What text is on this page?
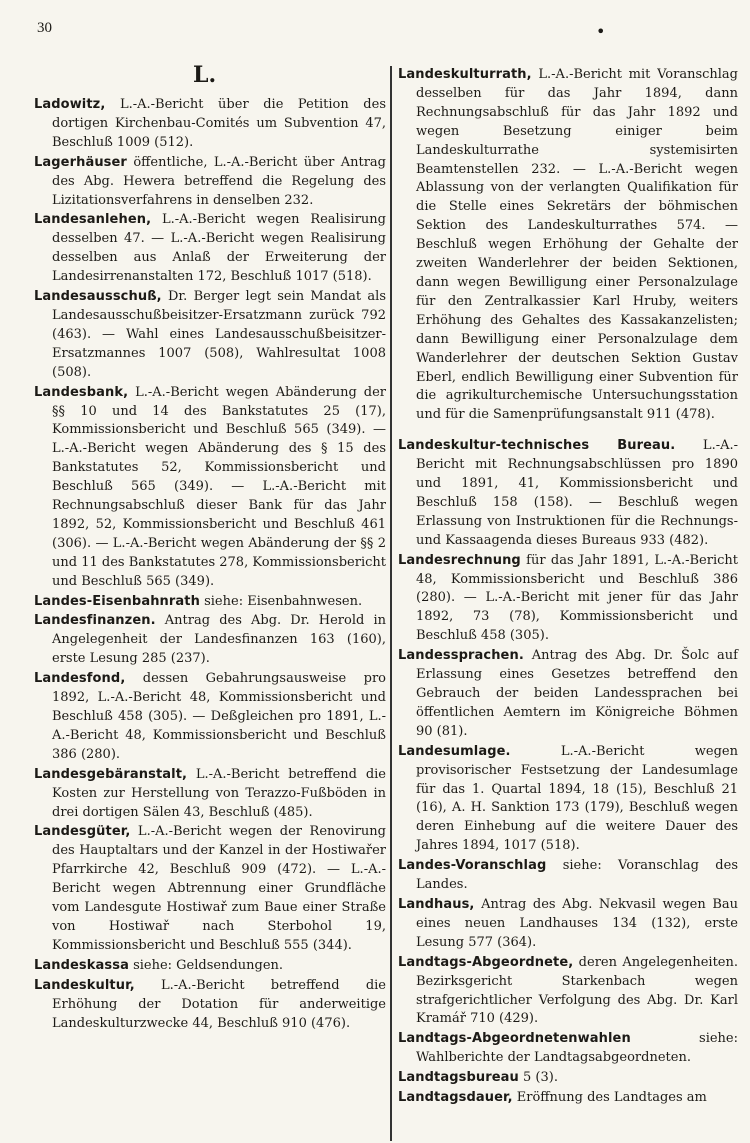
30	•
L.

Ladowitz, L.-A.-Bericht über die Petition des dortigen Kirchenbau-Comités um Subvention 47, Beschluß 1009 (512).

Lagerhäuser öffentliche, L.-A.-Bericht über Antrag des Abg. Hewera betreffend die Regelung des Lizitationsverfahrens in denselben 232.

Landesanlehen, L.-A.-Bericht wegen Realisirung desselben 47. — L.-A.-Bericht wegen Realisirung desselben aus Anlaß der Erweiterung der Landesirrenanstalten 172, Beschluß 1017 (518).

Landesausschuß, Dr. Berger legt sein Mandat als Landesausschußbeisitzer-Ersatzmann zurück 792 (463). — Wahl eines Landesausschußbeisitzer-Ersatzmannes 1007 (508), Wahlresultat 1008 (508).

Landesbank, L.-A.-Bericht wegen Abänderung der §§ 10 und 14 des Bankstatutes 25 (17), Kommissionsbericht und Beschluß 565 (349). — L.-A.-Bericht wegen Abänderung des § 15 des Bankstatutes 52, Kommissionsbericht und Beschluß 565 (349). — L.-A.-Bericht mit Rechnungsabschluß dieser Bank für das Jahr 1892, 52, Kommissionsbericht und Beschluß 461 (306). — L.-A.-Bericht wegen Abänderung der §§ 2 und 11 des Bankstatutes 278, Kommissionsbericht und Beschluß 565 (349).

Landes-Eisenbahnrath siehe: Eisenbahnwesen.

Landesfinanzen. Antrag des Abg. Dr. Herold in Angelegenheit der Landesfinanzen 163 (160), erste Lesung 285 (237).

Landesfond, dessen Gebahrungsausweise pro 1892, L.-A.-Bericht 48, Kommissionsbericht und Beschluß 458 (305). — Deßgleichen pro 1891, L.-A.-Bericht 48, Kommissionsbericht und Beschluß 386 (280).

Landesgebäranstalt, L.-A.-Bericht betreffend die Kosten zur Herstellung von Terazzo-Fußböden in drei dortigen Sälen 43, Beschluß (485).

Landesgüter, L.-A.-Bericht wegen der Renovirung des Hauptaltars und der Kanzel in der Hostiwařer Pfarrkirche 42, Beschluß 909 (472). — L.-A.-Bericht wegen Abtrennung einer Grundfläche vom Landesgute Hostiwař zum Baue einer Straße von Hostiwař nach Sterbohol 19, Kommissionsbericht und Beschluß 555 (344).

Landeskassa siehe: Geldsendungen.

Landeskultur, L.-A.-Bericht betreffend die Erhöhung der Dotation für anderweitige Landeskulturzwecke 44, Beschluß 910 (476).

Landeskulturrath, L.-A.-Bericht mit Voranschlag desselben für das Jahr 1894, dann Rechnungsabschluß für das Jahr 1892 und wegen Besetzung einiger beim Landeskulturrathe systemisirten Beamtenstellen 232. — L.-A.-Bericht wegen Ablassung von der verlangten Qualifikation für die Stelle eines Sekretärs der böhmischen Sektion des Landeskulturrathes 574. — Beschluß wegen Erhöhung der Gehalte der zweiten Wanderlehrer der beiden Sektionen, dann wegen Bewilligung einer Personalzulage für den Zentralkassier Karl Hruby, weiters Erhöhung des Gehaltes des Kassakanzelisten; dann Bewilligung einer Personalzulage dem Wanderlehrer der deutschen Sektion Gustav Eberl, endlich Bewilligung einer Subvention für die agrikulturchemische Untersuchungsstation und für die Samenprüfungsanstalt 911 (478).

Landeskultur-technisches Bureau. L.-A.-Bericht mit Rechnungsabschlüssen pro 1890 und 1891, 41, Kommissionsbericht und Beschluß 158 (158). — Beschluß wegen Erlassung von Instruktionen für die Rechnungs- und Kassaagenda dieses Bureaus 933 (482).

Landesrechnung für das Jahr 1891, L.-A.-Bericht 48, Kommissionsbericht und Beschluß 386 (280). — L.-A.-Bericht mit jener für das Jahr 1892, 73 (78), Kommissionsbericht und Beschluß 458 (305).

Landessprachen. Antrag des Abg. Dr. Šolc auf Erlassung eines Gesetzes betreffend den Gebrauch der beiden Landessprachen bei öffentlichen Aemtern im Königreiche Böhmen 90 (81).

Landesumlage. L.-A.-Bericht wegen provisorischer Festsetzung der Landesumlage für das 1. Quartal 1894, 18 (15), Beschluß 21 (16), A. H. Sanktion 173 (179), Beschluß wegen deren Einhebung auf die weitere Dauer des Jahres 1894, 1017 (518).

Landes-Voranschlag siehe: Voranschlag des Landes.

Landhaus, Antrag des Abg. Nekvasil wegen Bau eines neuen Landhauses 134 (132), erste Lesung 577 (364).

Landtags-Abgeordnete, deren Angelegenheiten. Bezirksgericht Starkenbach wegen strafgerichtlicher Verfolgung des Abg. Dr. Karl Kramář 710 (429).

Landtags-Abgeordnetenwahlen siehe: Wahlberichte der Landtagsabgeordneten.

Landtagsbureau 5 (3).

Landtagsdauer, Eröffnung des Landtages am
